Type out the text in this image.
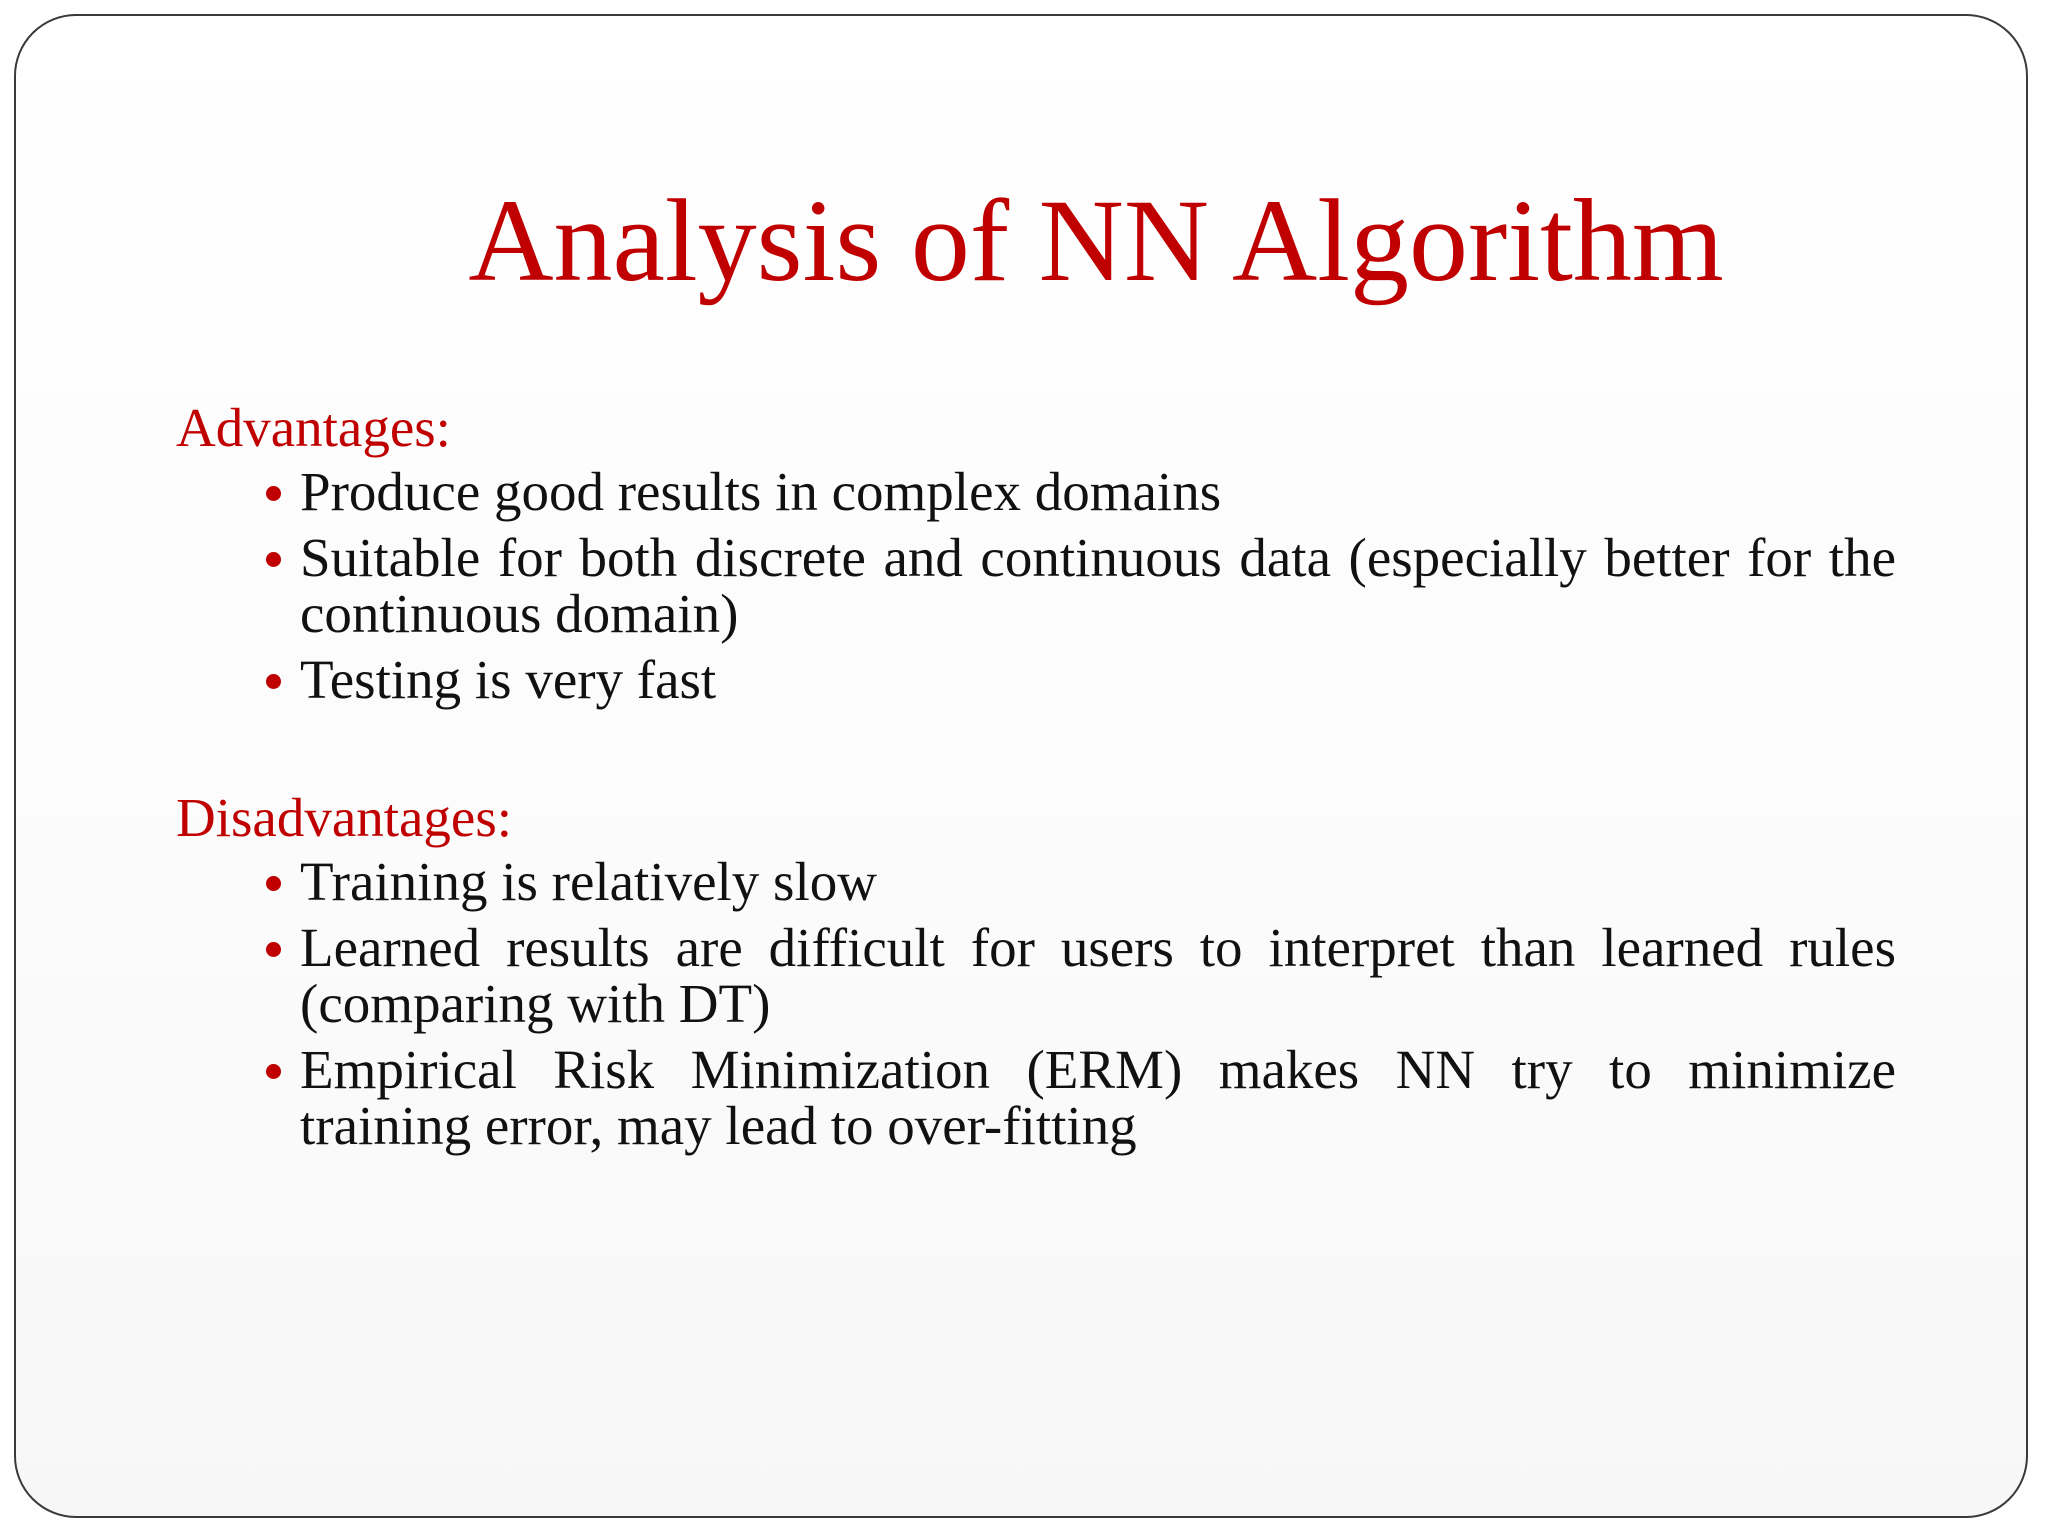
Analysis of NN Algorithm

Advantages:

Produce good results in complex domains
Suitable for both discrete and continuous data (especially better for the continuous domain)
Testing is very fast

Disadvantages:

Training is relatively slow
Learned results are difficult for users to interpret than learned rules (comparing with DT)
Empirical Risk Minimization (ERM) makes NN try to minimize training error, may lead to over-fitting
